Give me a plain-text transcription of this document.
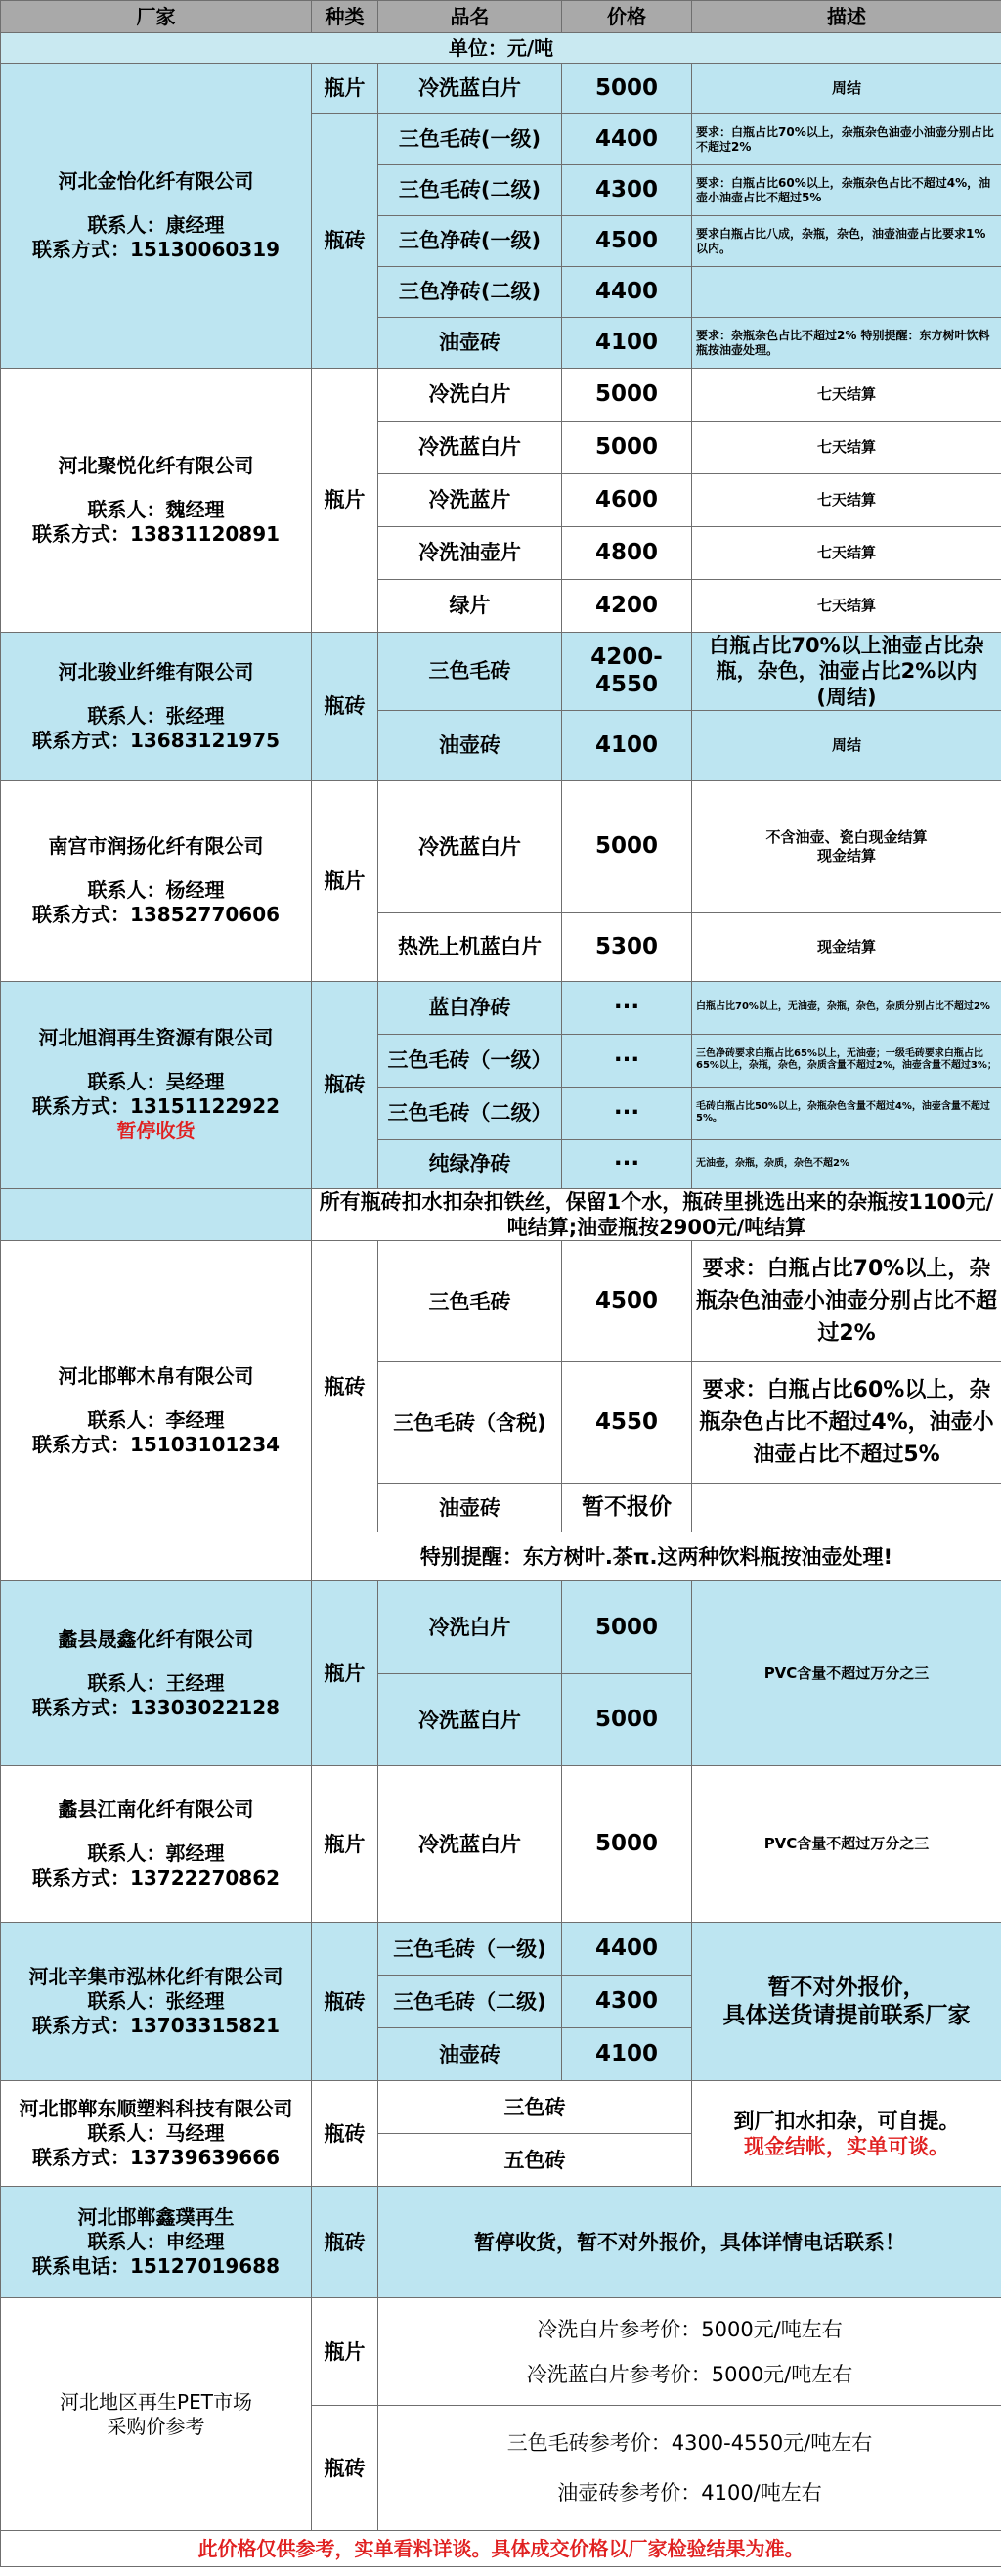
厂家	种类	品名	价格	描述
单位：元/吨				

河北金怡化纤有限公司
联系人：康经理
联系方式：15130060319	瓶片	冷洗蓝白片	5000	周结
	瓶砖	三色毛砖(一级)	4400	要求：白瓶占比70%以上，杂瓶杂色油壶小油壶分别占比不超过2%
		三色毛砖(二级)	4300	要求：白瓶占比60%以上，杂瓶杂色占比不超过4%，油壶小油壶占比不超过5%
		三色净砖(一级)	4500	要求白瓶占比八成，杂瓶，杂色，油壶油壶占比要求1%以内。
		三色净砖(二级)	4400	
		油壶砖	4100	要求：杂瓶杂色占比不超过2% 特别提醒：东方树叶饮料瓶按油壶处理。

河北聚悦化纤有限公司
联系人：魏经理
联系方式：13831120891	瓶片	冷洗白片	5000	七天结算
		冷洗蓝白片	5000	七天结算
		冷洗蓝片	4600	七天结算
		冷洗油壶片	4800	七天结算
		绿片	4200	七天结算

河北骏业纤维有限公司
联系人：张经理
联系方式：13683121975	瓶砖	三色毛砖	4200-4550	白瓶占比70%以上油壶占比杂瓶，杂色，油壶占比2%以内
(周结)
		油壶砖	4100	周结

南宫市润扬化纤有限公司
联系人：杨经理
联系方式：13852770606	瓶片	冷洗蓝白片	5000	不含油壶、瓷白现金结算
现金结算
		热洗上机蓝白片	5300	现金结算

河北旭润再生资源有限公司
联系人：吴经理
联系方式：13151122922
暂停收货	瓶砖	蓝白净砖	···	白瓶占比70%以上，无油壶，杂瓶，杂色，杂质分别占比不超过2%
		三色毛砖（一级）	···	三色净砖要求白瓶占比65%以上，无油壶；一级毛砖要求白瓶占比65%以上，杂瓶，杂色，杂质含量不超过2%，油壶含量不超过3%；
		三色毛砖（二级）	···	毛砖白瓶占比50%以上，杂瓶杂色含量不超过4%，油壶含量不超过5%。
		纯绿净砖	···	无油壶，杂瓶，杂质，杂色不超2%
	所有瓶砖扣水扣杂扣铁丝，保留1个水，瓶砖里挑选出来的杂瓶按1100元/吨结算;油壶瓶按2900元/吨结算			

河北邯郸木帛有限公司
联系人：李经理
联系方式：15103101234	瓶砖	三色毛砖	4500	要求：白瓶占比70%以上，杂瓶杂色油壶小油壶分别占比不超过2%
		三色毛砖（含税)	4550	要求：白瓶占比60%以上，杂瓶杂色占比不超过4%，油壶小油壶占比不超过5%
		油壶砖	暂不报价	
	特别提醒：东方树叶.茶π.这两种饮料瓶按油壶处理!			

蠡县晟鑫化纤有限公司
联系人：王经理
联系方式：13303022128	瓶片	冷洗白片	5000	PVC含量不超过万分之三
		冷洗蓝白片	5000	

蠡县江南化纤有限公司
联系人：郭经理
联系方式：13722270862	瓶片	冷洗蓝白片	5000	PVC含量不超过万分之三

河北辛集市泓林化纤有限公司
联系人：张经理
联系方式：13703315821	瓶砖	三色毛砖（一级)	4400	暂不对外报价，
具体送货请提前联系厂家
		三色毛砖（二级)	4300	
		油壶砖	4100	

河北邯郸东顺塑料科技有限公司
联系人：马经理
联系方式：13739639666	瓶砖	三色砖		到厂扣水扣杂，可自提。
现金结帐，实单可谈。

		五色砖		

河北邯郸鑫璞再生
联系人：申经理
联系电话：15127019688	瓶砖	暂停收货，暂不对外报价，具体详情电话联系！		
河北地区再生PET市场
采购价参考	瓶片	冷洗白片参考价：5000元/吨左右
冷洗蓝白片参考价：5000元/吨左右		

	瓶砖	三色毛砖参考价：4300-4550元/吨左右
油壶砖参考价：4100/吨左右		

此价格仅供参考，实单看料详谈。具体成交价格以厂家检验结果为准。				
